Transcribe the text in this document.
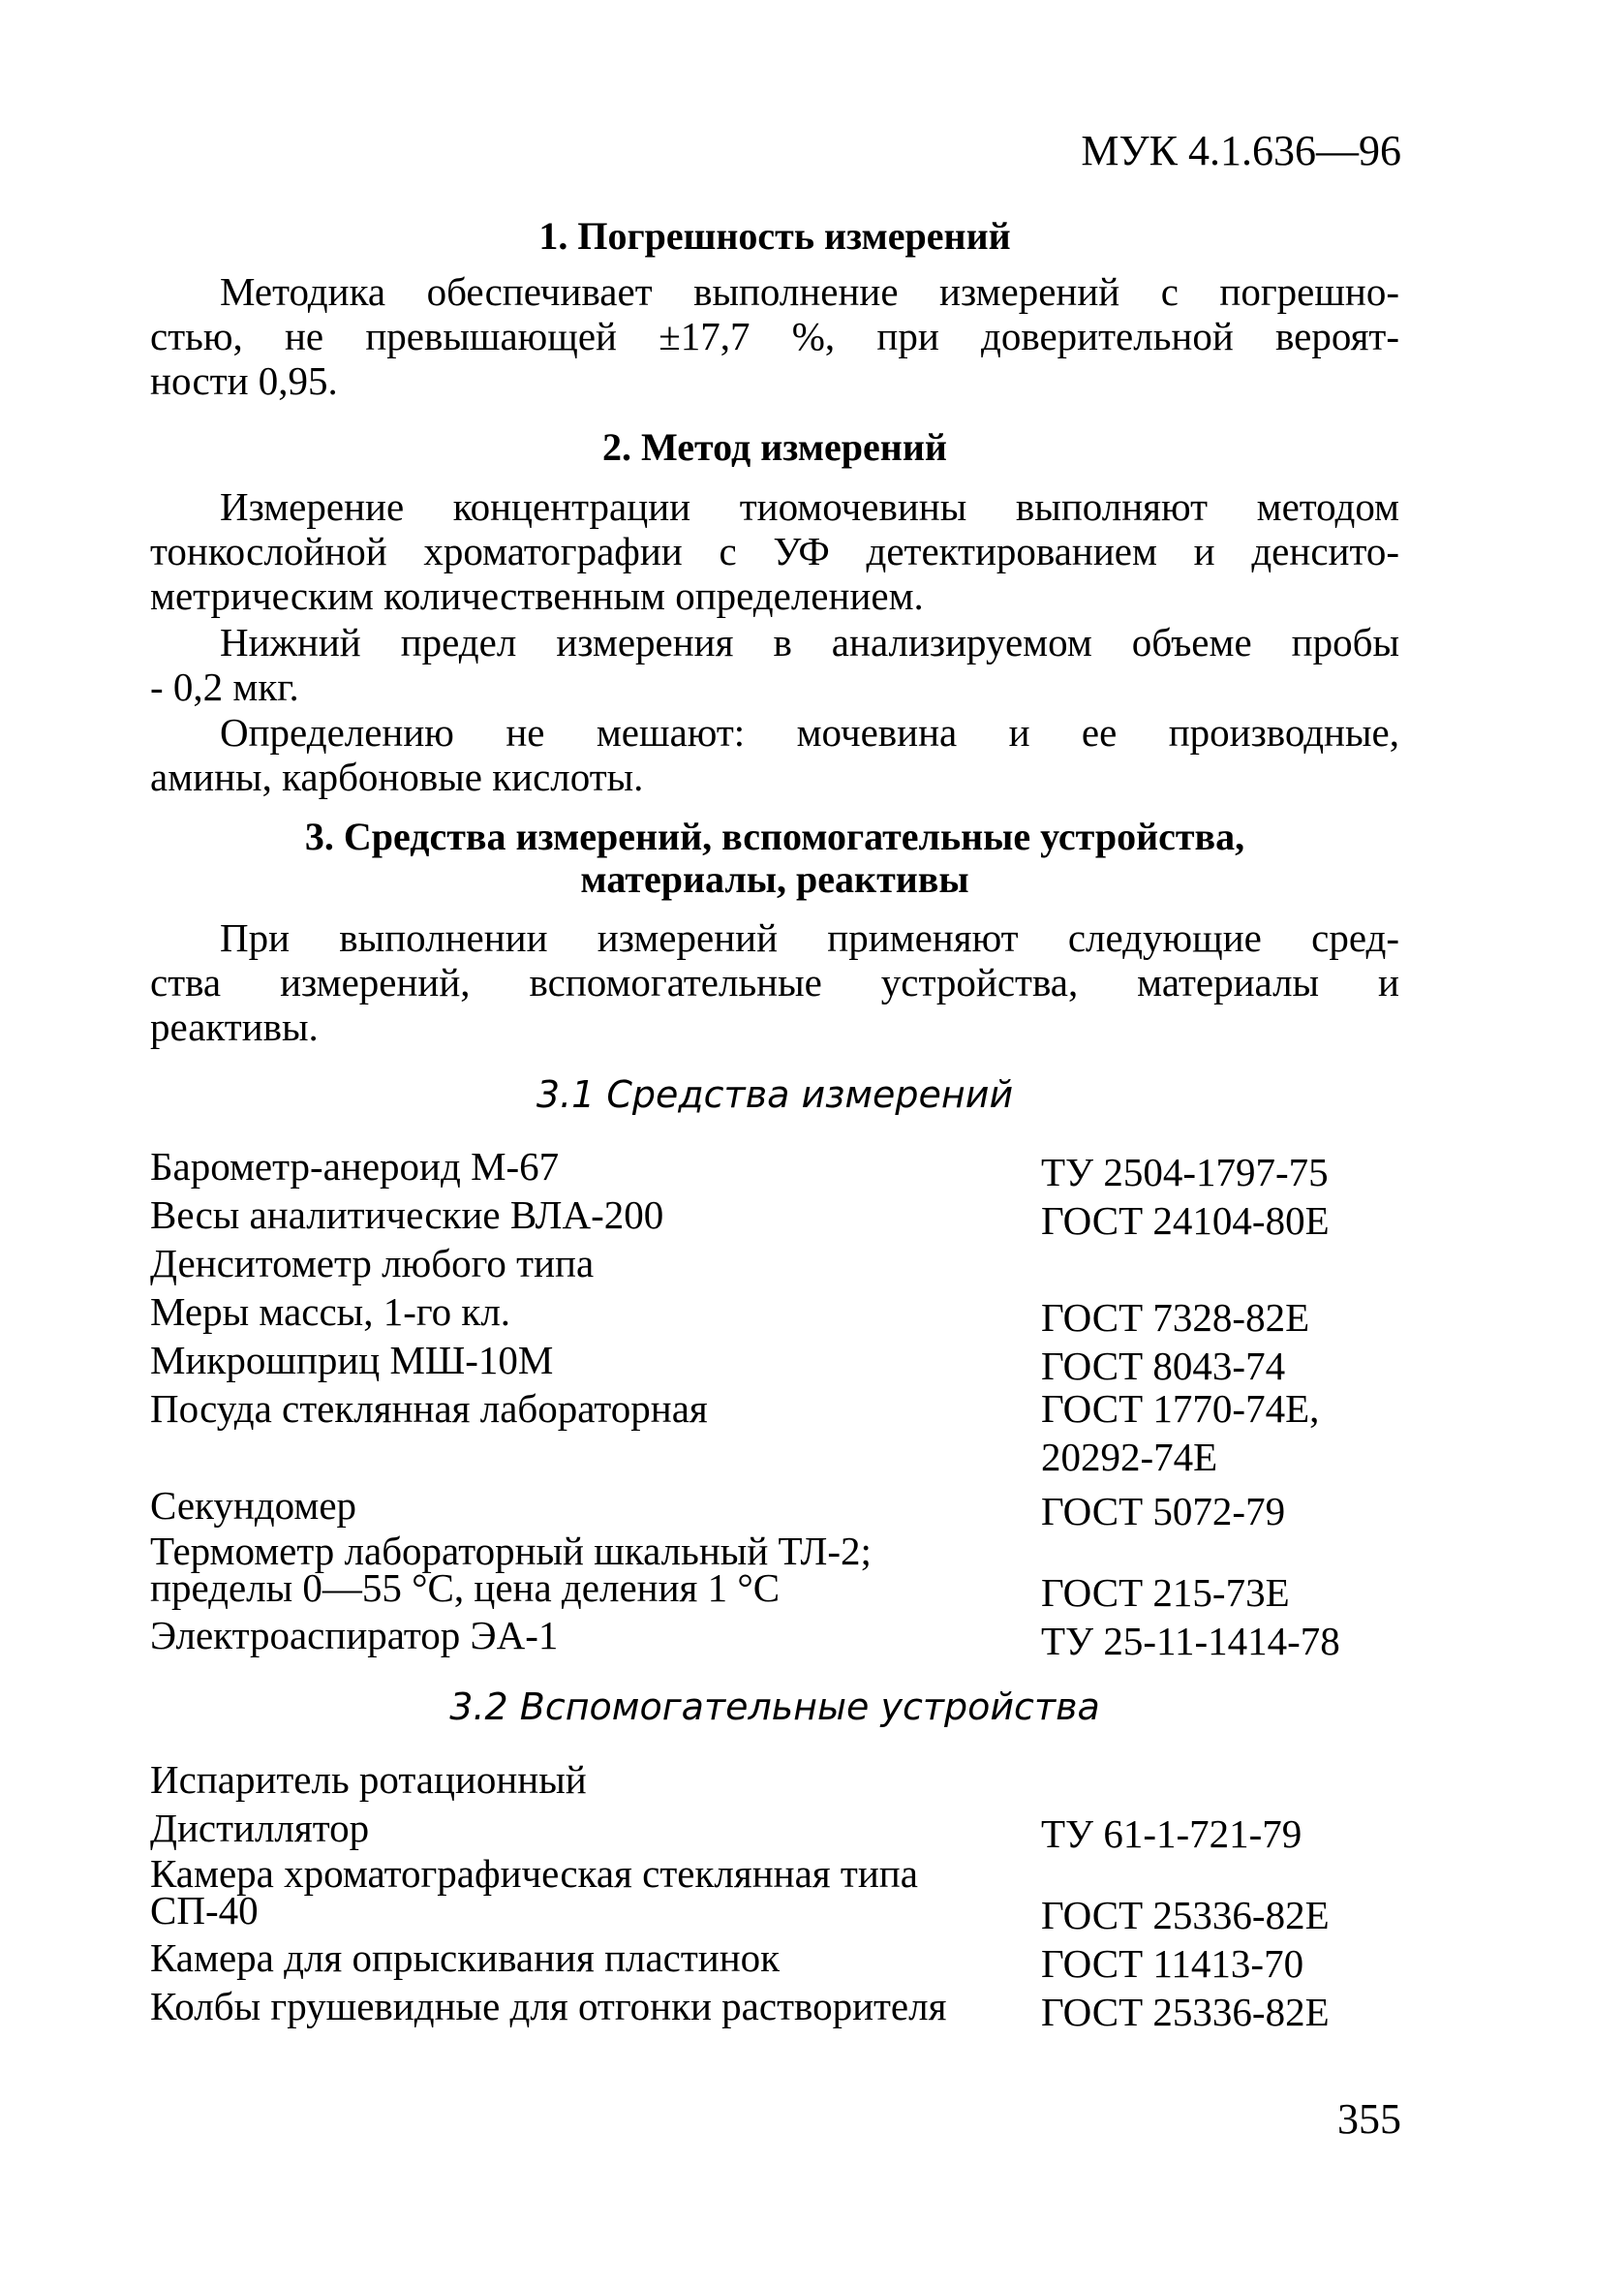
МУК 4.1.636—96
1. Погрешность измерений
Методика обеспечивает выполнение измерений с погрешно-
стью, не превышающей ±17,7 %, при доверительной вероят-
ности 0,95.
2. Метод измерений
Измерение концентрации тиомочевины выполняют методом
тонкослойной хроматографии с УФ детектированием и денсито-
метрическим количественным определением.
Нижний предел измерения в анализируемом объеме пробы
- 0,2 мкг.
Определению не мешают: мочевина и ее производные,
амины, карбоновые кислоты.
3. Средства измерений, вспомогательные устройства,
материалы, реактивы
При выполнении измерений применяют следующие сред-
ства измерений, вспомогательные устройства, материалы и
реактивы.
3.1 Средства измерений
Барометр-анероид М-67	ТУ 2504-1797-75
Весы аналитические ВЛА-200	ГОСТ 24104-80Е
Денситометр любого типа
Меры массы, 1-го кл.	ГОСТ 7328-82Е
Микрошприц МШ-10М	ГОСТ 8043-74
Посуда стеклянная лабораторная	ГОСТ 1770-74Е,
20292-74Е
Секундомер	ГОСТ 5072-79
Термометр лабораторный шкальный ТЛ-2;
пределы 0—55 °С, цена деления 1 °С	ГОСТ 215-73Е
Электроаспиратор ЭА-1	ТУ 25-11-1414-78
3.2 Вспомогательные устройства
Испаритель ротационный
Дистиллятор	ТУ 61-1-721-79
Камера хроматографическая стеклянная типа
СП-40	ГОСТ 25336-82Е
Камера для опрыскивания пластинок	ГОСТ 11413-70
Колбы грушевидные для отгонки растворителя	ГОСТ 25336-82Е
355
